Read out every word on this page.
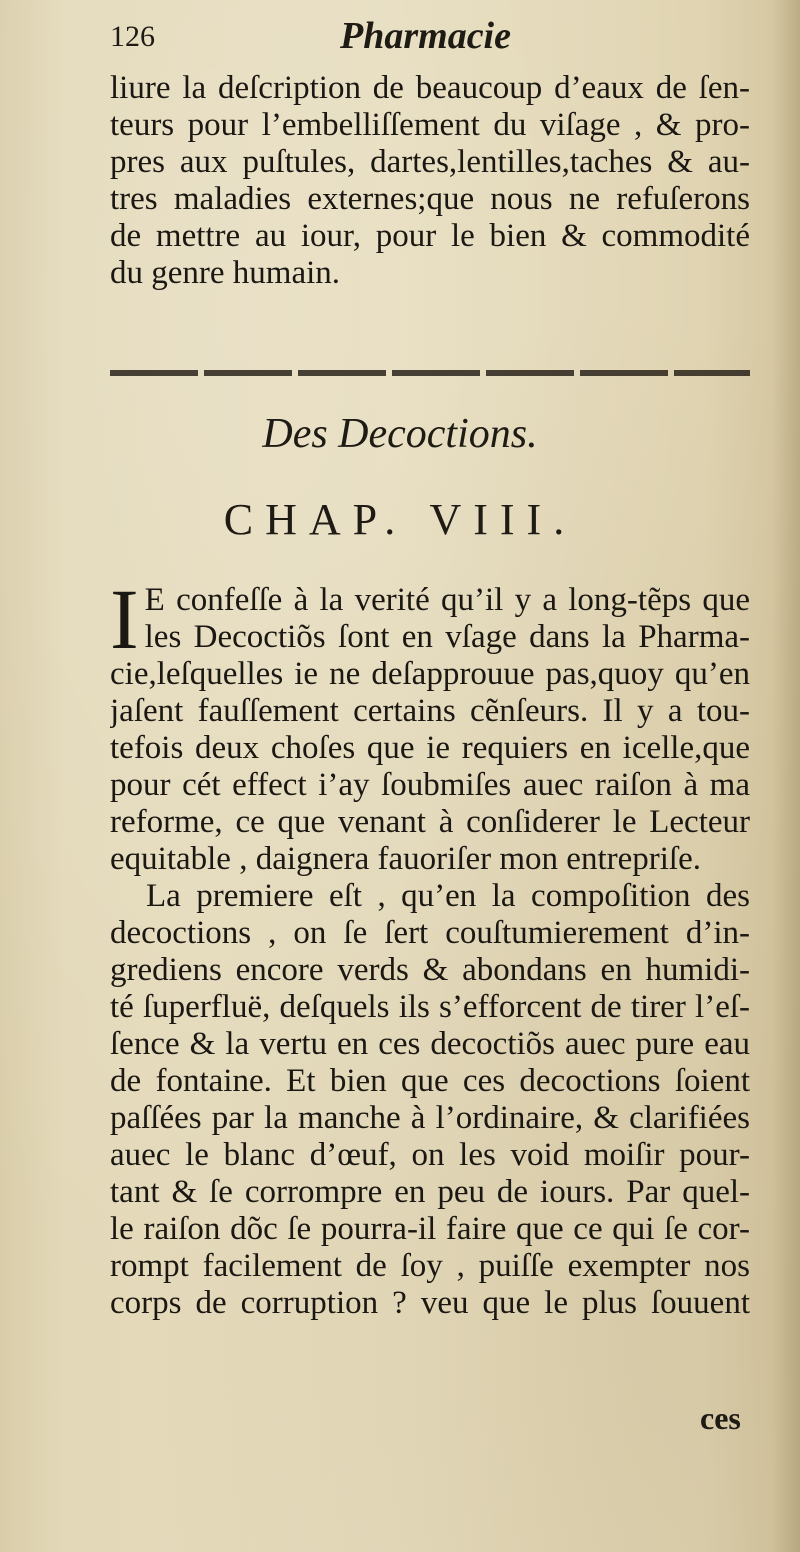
126	Pharmacie
liure la deſcription de beaucoup d’eaux de ſen-
teurs pour l’embelliſſement du viſage , & pro-
pres aux puſtules, dartes,lentilles,taches & au-
tres maladies externes;que nous ne refuſerons
de mettre au iour, pour le bien & commodité
du genre humain.
Des Decoctions.
CHAP. VIII.
I E confeſſe à la verité qu’il y a long-tẽps que
les Decoctiõs ſont en vſage dans la Pharma-
cie,leſquelles ie ne deſapprouue pas,quoy qu’en
jaſent fauſſement certains cẽnſeurs. Il y a tou-
tefois deux choſes que ie requiers en icelle,que
pour cét effect i’ay ſoubmiſes auec raiſon à ma
reforme, ce que venant à conſiderer le Lecteur
equitable , daignera fauoriſer mon entrepriſe.
La premiere eſt , qu’en la compoſition des
decoctions , on ſe ſert couſtumierement d’in-
grediens encore verds & abondans en humidi-
té ſuperfluë, deſquels ils s’efforcent de tirer l’eſ-
ſence & la vertu en ces decoctiõs auec pure eau
de fontaine. Et bien que ces decoctions ſoient
paſſées par la manche à l’ordinaire, & clarifiées
auec le blanc d’œuf, on les void moiſir pour-
tant & ſe corrompre en peu de iours. Par quel-
le raiſon dõc ſe pourra-il faire que ce qui ſe cor-
rompt facilement de ſoy , puiſſe exempter nos
corps de corruption ? veu que le plus ſouuent
ces
